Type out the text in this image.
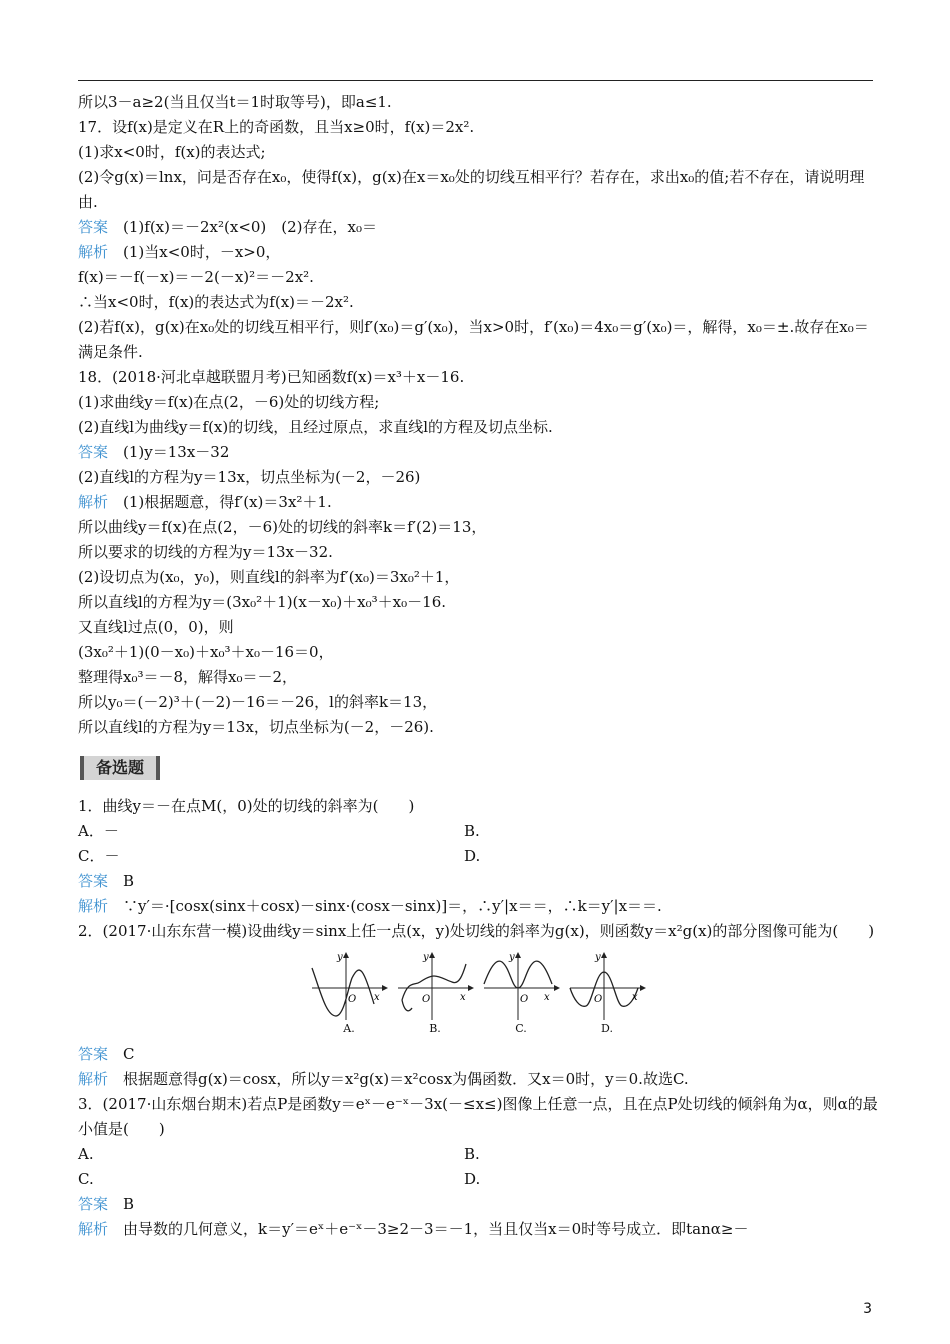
所以3－a≥2(当且仅当t＝1时取等号)，即a≤1.
17．设f(x)是定义在R上的奇函数，且当x≥0时，f(x)＝2x².
(1)求x<0时，f(x)的表达式;
(2)令g(x)＝lnx，问是否存在x₀，使得f(x)，g(x)在x＝x₀处的切线互相平行？若存在，求出x₀的值;若不存在，请说明理由.
答案　 (1)f(x)＝－2x²(x<0)　(2)存在，x₀＝
解析　 (1)当x<0时，－x>0，
f(x)＝－f(－x)＝－2(－x)²＝－2x².
∴当x<0时，f(x)的表达式为f(x)＝－2x².
(2)若f(x)，g(x)在x₀处的切线互相平行，则f′(x₀)＝g′(x₀)，当x>0时，f′(x₀)＝4x₀＝g′(x₀)＝，解得，x₀＝±.故存在x₀＝满足条件.
18．(2018·河北卓越联盟月考)已知函数f(x)＝x³＋x－16.
(1)求曲线y＝f(x)在点(2，－6)处的切线方程;
(2)直线l为曲线y＝f(x)的切线，且经过原点，求直线l的方程及切点坐标.
答案　 (1)y＝13x－32
(2)直线l的方程为y＝13x，切点坐标为(－2，－26)
解析　 (1)根据题意，得f′(x)＝3x²＋1.
所以曲线y＝f(x)在点(2，－6)处的切线的斜率k＝f′(2)＝13，
所以要求的切线的方程为y＝13x－32.
(2)设切点为(x₀，y₀)，则直线l的斜率为f′(x₀)＝3x₀²＋1，
所以直线l的方程为y＝(3x₀²＋1)(x－x₀)＋x₀³＋x₀－16.
又直线l过点(0，0)，则
(3x₀²＋1)(0－x₀)＋x₀³＋x₀－16＝0，
整理得x₀³＝－8，解得x₀＝－2，
所以y₀＝(－2)³＋(－2)－16＝－26，l的斜率k＝13，
所以直线l的方程为y＝13x，切点坐标为(－2，－26).
备选题
1．曲线y＝－在点M(，0)处的切线的斜率为(　　)
A．－	B.
C．－	D.
答案　 B
解析　 ∵y′＝·[cosx(sinx＋cosx)－sinx·(cosx－sinx)]＝，∴y′|x＝＝，∴k＝y′|x＝＝.
2．(2017·山东东营一模)设曲线y＝sinx上任一点(x，y)处切线的斜率为g(x)，则函数y＝x²g(x)的部分图像可能为(　　)
y
x
O
A.
y
x
O
B.
y
x
O
C.
y
x
O
D.
答案　 C
解析　 根据题意得g(x)＝cosx，所以y＝x²g(x)＝x²cosx为偶函数．又x＝0时，y＝0.故选C.
3．(2017·山东烟台期末)若点P是函数y＝eˣ－e⁻ˣ－3x(－≤x≤)图像上任意一点，且在点P处切线的倾斜角为α，则α的最小值是(　　)
A.	B.
C.	D.
答案　 B
解析　 由导数的几何意义，k＝y′＝eˣ＋e⁻ˣ－3≥2－3＝－1，当且仅当x＝0时等号成立．即tanα≥－
3
